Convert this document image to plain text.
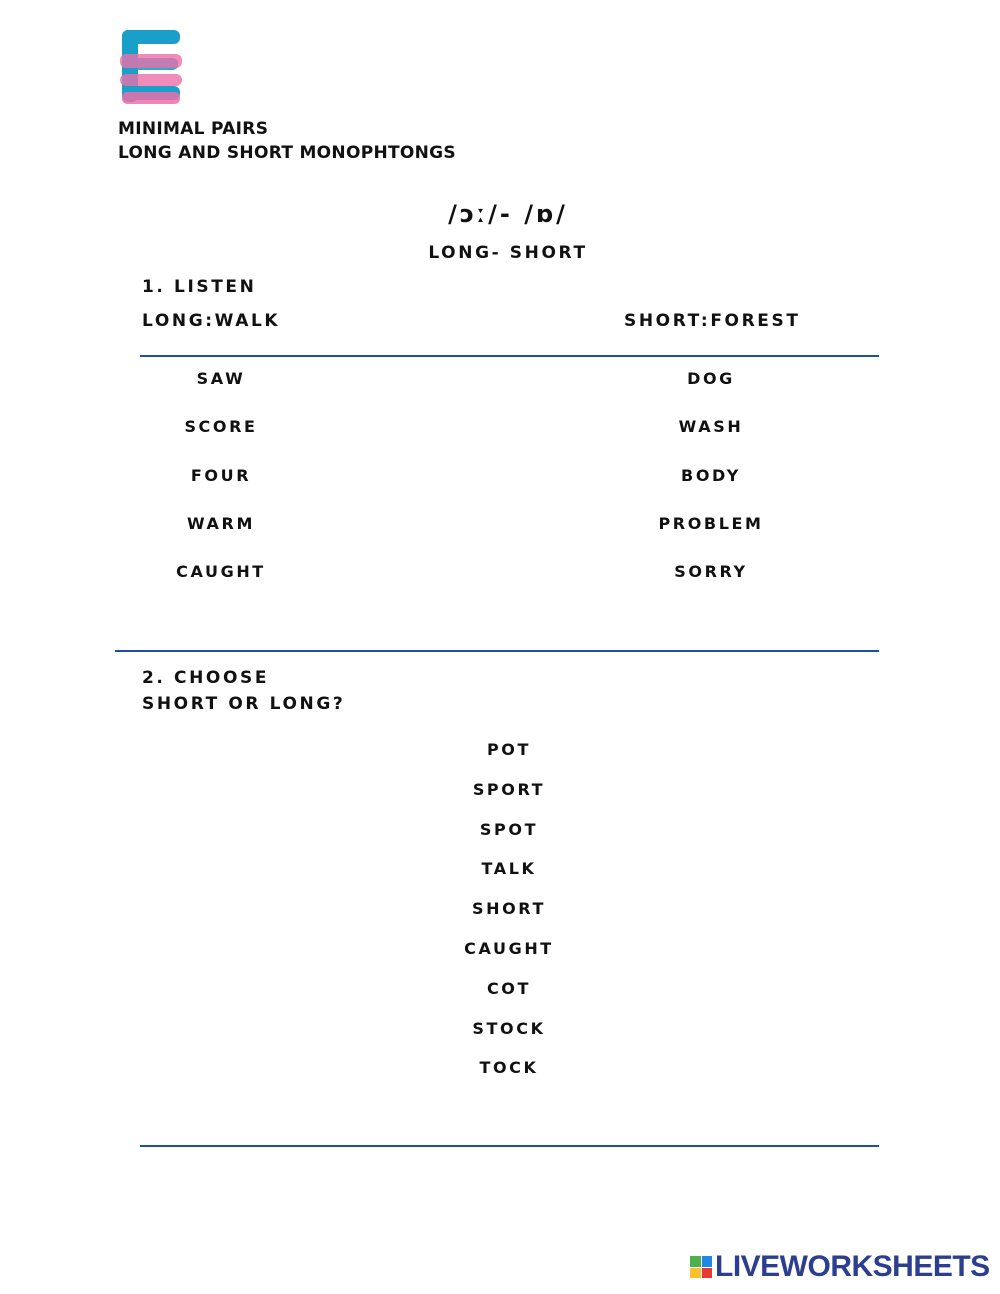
MINIMAL PAIRS
LONG AND SHORT MONOPHTONGS
/ɔː/- /ɒ/
LONG- SHORT
1. LISTEN
LONG:WALK	SHORT:FOREST
SAW
SCORE
FOUR
WARM
CAUGHT
DOG
WASH
BODY
PROBLEM
SORRY
2. CHOOSE
SHORT OR LONG?
POT
SPORT
SPOT
TALK
SHORT
CAUGHT
COT
STOCK
TOCK
LIVEWORKSHEETS
